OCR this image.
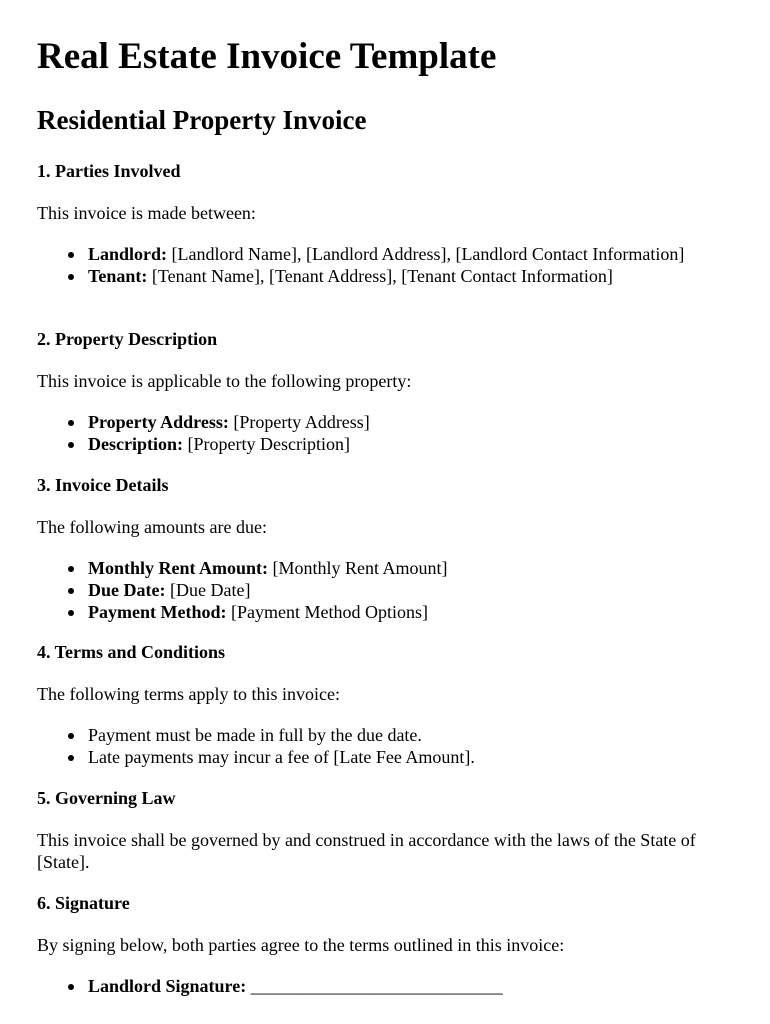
Real Estate Invoice Template
Residential Property Invoice
1. Parties Involved

This invoice is made between:

Landlord: [Landlord Name], [Landlord Address], [Landlord Contact Information]
Tenant: [Tenant Name], [Tenant Address], [Tenant Contact Information]
2. Property Description

This invoice is applicable to the following property:

Property Address: [Property Address]
Description: [Property Description]
3. Invoice Details

The following amounts are due:

Monthly Rent Amount: [Monthly Rent Amount]
Due Date: [Due Date]
Payment Method: [Payment Method Options]
4. Terms and Conditions

The following terms apply to this invoice:

Payment must be made in full by the due date.
Late payments may incur a fee of [Late Fee Amount].
5. Governing Law

This invoice shall be governed by and construed in accordance with the laws of the State of [State].

6. Signature

By signing below, both parties agree to the terms outlined in this invoice:

Landlord Signature: ____________________________
